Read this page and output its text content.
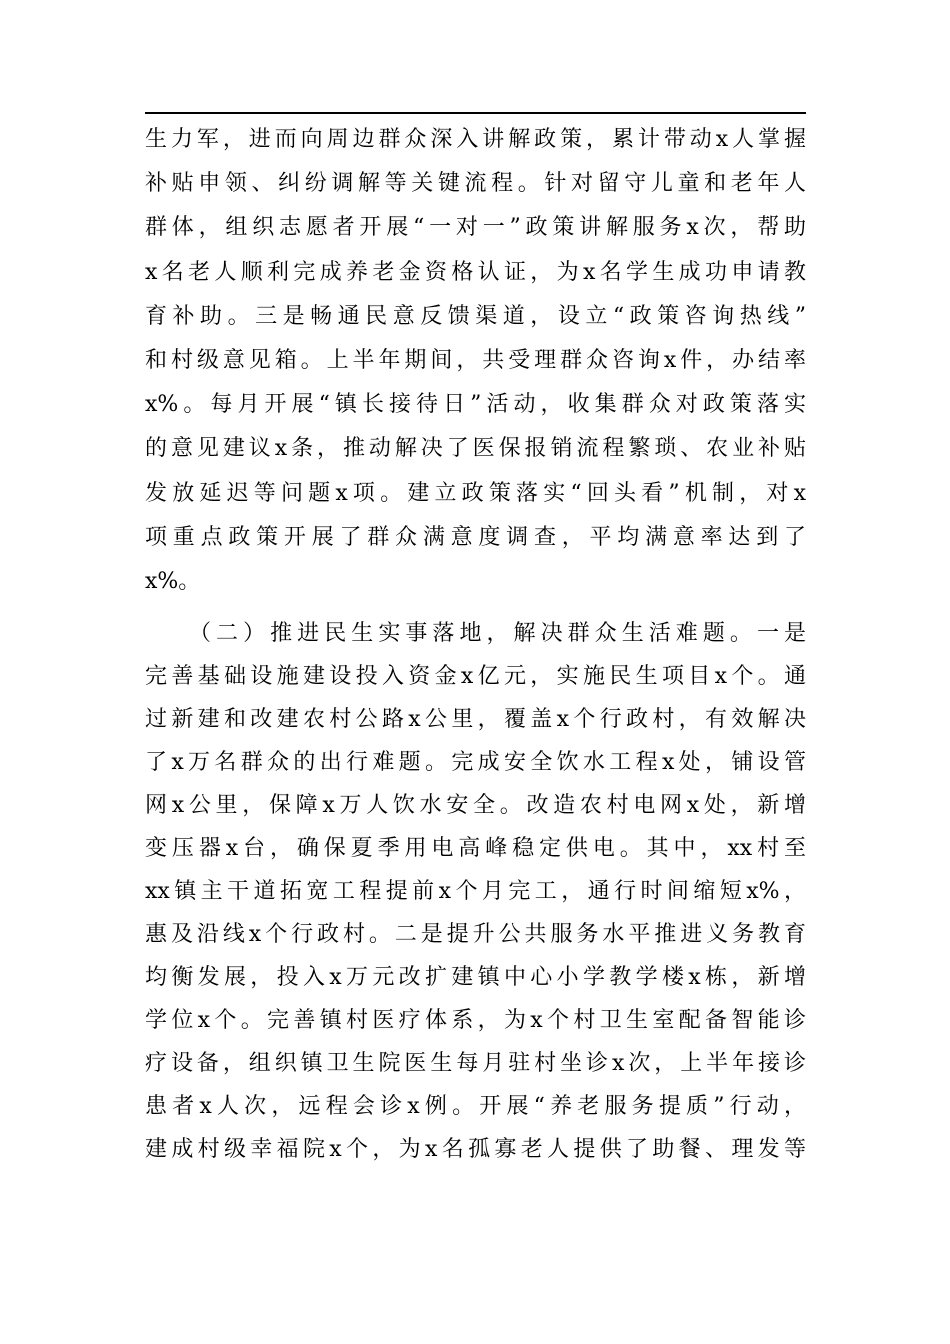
生力军，进而向周边群众深入讲解政策，累计带动x人掌握
补贴申领、纠纷调解等关键流程。针对留守儿童和老年人
群体，组织志愿者开展“一对一”政策讲解服务x次，帮助
x名老人顺利完成养老金资格认证，为x名学生成功申请教
育补助。三是畅通民意反馈渠道，设立“政策咨询热线”
和村级意见箱。上半年期间，共受理群众咨询x件，办结率
x%。每月开展“镇长接待日”活动，收集群众对政策落实
的意见建议x条，推动解决了医保报销流程繁琐、农业补贴
发放延迟等问题x项。建立政策落实“回头看”机制，对x
项重点政策开展了群众满意度调查，平均满意率达到了
x%。
（二）推进民生实事落地，解决群众生活难题。一是
完善基础设施建设投入资金x亿元，实施民生项目x个。通
过新建和改建农村公路x公里，覆盖x个行政村，有效解决
了x万名群众的出行难题。完成安全饮水工程x处，铺设管
网x公里，保障x万人饮水安全。改造农村电网x处，新增
变压器x台，确保夏季用电高峰稳定供电。其中，xx村至
xx镇主干道拓宽工程提前x个月完工，通行时间缩短x%，
惠及沿线x个行政村。二是提升公共服务水平推进义务教育
均衡发展，投入x万元改扩建镇中心小学教学楼x栋，新增
学位x个。完善镇村医疗体系，为x个村卫生室配备智能诊
疗设备，组织镇卫生院医生每月驻村坐诊x次，上半年接诊
患者x人次，远程会诊x例。开展“养老服务提质”行动，
建成村级幸福院x个，为x名孤寡老人提供了助餐、理发等
